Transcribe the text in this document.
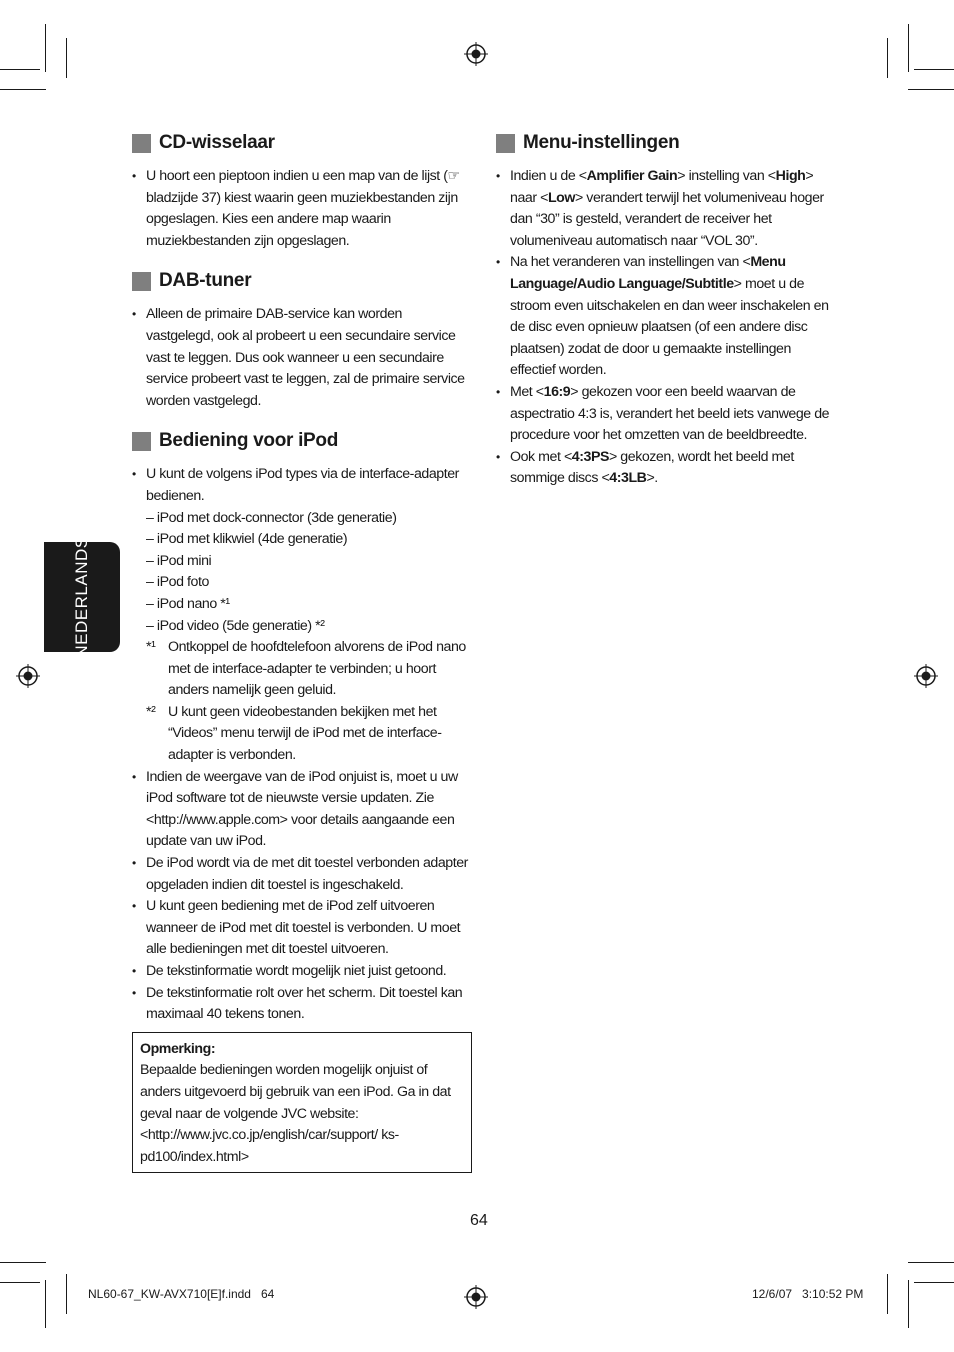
NEDERLANDS
CD-wisselaar
• U hoort een pieptoon indien u een map van de lijst (☞ bladzijde 37) kiest waarin geen muziekbestanden zijn opgeslagen. Kies een andere map waarin muziekbestanden zijn opgeslagen.
DAB-tuner
• Alleen de primaire DAB-service kan worden vastgelegd, ook al probeert u een secundaire service vast te leggen. Dus ook wanneer u een secundaire service probeert vast te leggen, zal de primaire service worden vastgelegd.
Bediening voor iPod
• U kunt de volgens iPod types via de interface-adapter bedienen.
– iPod met dock-connector (3de generatie)
– iPod met klikwiel (4de generatie)
– iPod mini
– iPod foto
– iPod nano *¹
– iPod video (5de generatie) *²
*¹ Ontkoppel de hoofdtelefoon alvorens de iPod nano met de interface-adapter te verbinden; u hoort anders namelijk geen geluid.
*² U kunt geen videobestanden bekijken met het “Videos” menu terwijl de iPod met de interface-adapter is verbonden.
• Indien de weergave van de iPod onjuist is, moet u uw iPod software tot de nieuwste versie updaten. Zie <http://www.apple.com> voor details aangaande een update van uw iPod.
• De iPod wordt via de met dit toestel verbonden adapter opgeladen indien dit toestel is ingeschakeld.
• U kunt geen bediening met de iPod zelf uitvoeren wanneer de iPod met dit toestel is verbonden. U moet alle bedieningen met dit toestel uitvoeren.
• De tekstinformatie wordt mogelijk niet juist getoond.
• De tekstinformatie rolt over het scherm. Dit toestel kan maximaal 40 tekens tonen.
Opmerking:
Bepaalde bedieningen worden mogelijk onjuist of anders uitgevoerd bij gebruik van een iPod. Ga in dat geval naar de volgende JVC website: <http://www.jvc.co.jp/english/car/support/ ks-pd100/index.html>
Menu-instellingen
• Indien u de <Amplifier Gain> instelling van <High> naar <Low> verandert terwijl het volumeniveau hoger dan “30” is gesteld, verandert de receiver het volumeniveau automatisch naar “VOL 30”.
• Na het veranderen van instellingen van <Menu Language/Audio Language/Subtitle> moet u de stroom even uitschakelen en dan weer inschakelen en de disc even opnieuw plaatsen (of een andere disc plaatsen) zodat de door u gemaakte instellingen effectief worden.
• Met <16:9> gekozen voor een beeld waarvan de aspectratio 4:3 is, verandert het beeld iets vanwege de procedure voor het omzetten van de beeldbreedte.
• Ook met <4:3PS> gekozen, wordt het beeld met sommige discs <4:3LB>.
64
NL60-67_KW-AVX710[E]f.indd   64	12/6/07   3:10:52 PM
